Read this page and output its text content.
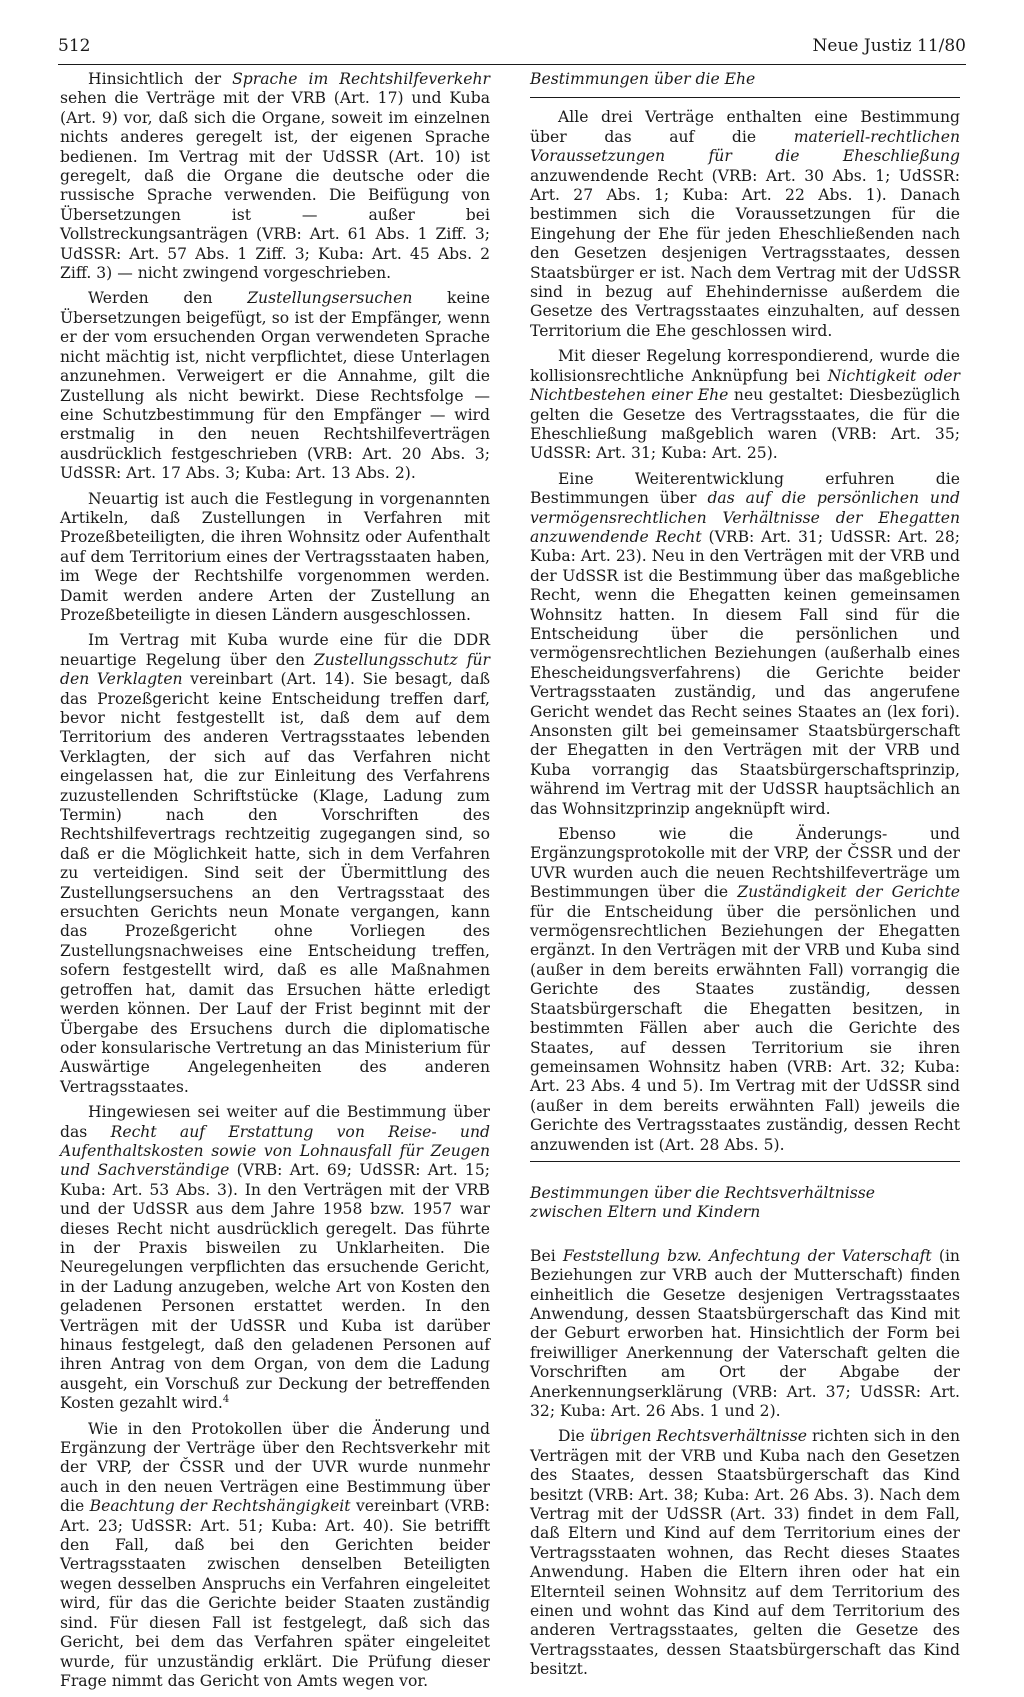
512	Neue Justiz 11/80

Hinsichtlich der Sprache im Rechtshilfeverkehr sehen die Verträge mit der VRB (Art. 17) und Kuba (Art. 9) vor, daß sich die Organe, soweit im einzelnen nichts anderes geregelt ist, der eigenen Sprache bedienen. Im Vertrag mit der UdSSR (Art. 10) ist geregelt, daß die Organe die deutsche oder die russische Sprache verwenden. Die Beifügung von Übersetzungen ist — außer bei Vollstreckungsanträgen (VRB: Art. 61 Abs. 1 Ziff. 3; UdSSR: Art. 57 Abs. 1 Ziff. 3; Kuba: Art. 45 Abs. 2 Ziff. 3) — nicht zwingend vorgeschrieben.

Werden den Zustellungsersuchen keine Übersetzungen beigefügt, so ist der Empfänger, wenn er der vom ersuchenden Organ verwendeten Sprache nicht mächtig ist, nicht verpflichtet, diese Unterlagen anzunehmen. Verweigert er die Annahme, gilt die Zustellung als nicht bewirkt. Diese Rechtsfolge — eine Schutzbestimmung für den Empfänger — wird erstmalig in den neuen Rechtshilfeverträgen ausdrücklich festgeschrieben (VRB: Art. 20 Abs. 3; UdSSR: Art. 17 Abs. 3; Kuba: Art. 13 Abs. 2).

Neuartig ist auch die Festlegung in vorgenannten Artikeln, daß Zustellungen in Verfahren mit Prozeßbeteiligten, die ihren Wohnsitz oder Aufenthalt auf dem Territorium eines der Vertragsstaaten haben, im Wege der Rechtshilfe vorgenommen werden. Damit werden andere Arten der Zustellung an Prozeßbeteiligte in diesen Ländern ausgeschlossen.

Im Vertrag mit Kuba wurde eine für die DDR neuartige Regelung über den Zustellungsschutz für den Verklagten vereinbart (Art. 14). Sie besagt, daß das Prozeßgericht keine Entscheidung treffen darf, bevor nicht festgestellt ist, daß dem auf dem Territorium des anderen Vertragsstaates lebenden Verklagten, der sich auf das Verfahren nicht eingelassen hat, die zur Einleitung des Verfahrens zuzustellenden Schriftstücke (Klage, Ladung zum Termin) nach den Vorschriften des Rechtshilfevertrags rechtzeitig zugegangen sind, so daß er die Möglichkeit hatte, sich in dem Verfahren zu verteidigen. Sind seit der Übermittlung des Zustellungsersuchens an den Vertragsstaat des ersuchten Gerichts neun Monate vergangen, kann das Prozeßgericht ohne Vorliegen des Zustellungsnachweises eine Entscheidung treffen, sofern festgestellt wird, daß es alle Maßnahmen getroffen hat, damit das Ersuchen hätte erledigt werden können. Der Lauf der Frist beginnt mit der Übergabe des Ersuchens durch die diplomatische oder konsularische Vertretung an das Ministerium für Auswärtige Angelegenheiten des anderen Vertragsstaates.

Hingewiesen sei weiter auf die Bestimmung über das Recht auf Erstattung von Reise- und Aufenthaltskosten sowie von Lohnausfall für Zeugen und Sachverständige (VRB: Art. 69; UdSSR: Art. 15; Kuba: Art. 53 Abs. 3). In den Verträgen mit der VRB und der UdSSR aus dem Jahre 1958 bzw. 1957 war dieses Recht nicht ausdrücklich geregelt. Das führte in der Praxis bisweilen zu Unklarheiten. Die Neuregelungen verpflichten das ersuchende Gericht, in der Ladung anzugeben, welche Art von Kosten den geladenen Personen erstattet werden. In den Verträgen mit der UdSSR und Kuba ist darüber hinaus festgelegt, daß den geladenen Personen auf ihren Antrag von dem Organ, von dem die Ladung ausgeht, ein Vorschuß zur Deckung der betreffenden Kosten gezahlt wird.$^4$

Wie in den Protokollen über die Änderung und Ergänzung der Verträge über den Rechtsverkehr mit der VRP, der ČSSR und der UVR wurde nunmehr auch in den neuen Verträgen eine Bestimmung über die Beachtung der Rechtshängigkeit vereinbart (VRB: Art. 23; UdSSR: Art. 51; Kuba: Art. 40). Sie betrifft den Fall, daß bei den Gerichten beider Vertragsstaaten zwischen denselben Beteiligten wegen desselben Anspruchs ein Verfahren eingeleitet wird, für das die Gerichte beider Staaten zuständig sind. Für diesen Fall ist festgelegt, daß sich das Gericht, bei dem das Verfahren später eingeleitet wurde, für unzuständig erklärt. Die Prüfung dieser Frage nimmt das Gericht von Amts wegen vor.

Bestimmungen über die Ehe

Alle drei Verträge enthalten eine Bestimmung über das auf die materiell-rechtlichen Voraussetzungen für die Eheschließung anzuwendende Recht (VRB: Art. 30 Abs. 1; UdSSR: Art. 27 Abs. 1; Kuba: Art. 22 Abs. 1). Danach bestimmen sich die Voraussetzungen für die Eingehung der Ehe für jeden Eheschließenden nach den Gesetzen desjenigen Vertragsstaates, dessen Staatsbürger er ist. Nach dem Vertrag mit der UdSSR sind in bezug auf Ehehindernisse außerdem die Gesetze des Vertragsstaates einzuhalten, auf dessen Territorium die Ehe geschlossen wird.

Mit dieser Regelung korrespondierend, wurde die kollisionsrechtliche Anknüpfung bei Nichtigkeit oder Nichtbestehen einer Ehe neu gestaltet: Diesbezüglich gelten die Gesetze des Vertragsstaates, die für die Eheschließung maßgeblich waren (VRB: Art. 35; UdSSR: Art. 31; Kuba: Art. 25).

Eine Weiterentwicklung erfuhren die Bestimmungen über das auf die persönlichen und vermögensrechtlichen Verhältnisse der Ehegatten anzuwendende Recht (VRB: Art. 31; UdSSR: Art. 28; Kuba: Art. 23). Neu in den Verträgen mit der VRB und der UdSSR ist die Bestimmung über das maßgebliche Recht, wenn die Ehegatten keinen gemeinsamen Wohnsitz hatten. In diesem Fall sind für die Entscheidung über die persönlichen und vermögensrechtlichen Beziehungen (außerhalb eines Ehescheidungsverfahrens) die Gerichte beider Vertragsstaaten zuständig, und das angerufene Gericht wendet das Recht seines Staates an (lex fori). Ansonsten gilt bei gemeinsamer Staatsbürgerschaft der Ehegatten in den Verträgen mit der VRB und Kuba vorrangig das Staatsbürgerschaftsprinzip, während im Vertrag mit der UdSSR hauptsächlich an das Wohnsitzprinzip angeknüpft wird.

Ebenso wie die Änderungs- und Ergänzungsprotokolle mit der VRP, der ČSSR und der UVR wurden auch die neuen Rechtshilfeverträge um Bestimmungen über die Zuständigkeit der Gerichte für die Entscheidung über die persönlichen und vermögensrechtlichen Beziehungen der Ehegatten ergänzt. In den Verträgen mit der VRB und Kuba sind (außer in dem bereits erwähnten Fall) vorrangig die Gerichte des Staates zuständig, dessen Staatsbürgerschaft die Ehegatten besitzen, in bestimmten Fällen aber auch die Gerichte des Staates, auf dessen Territorium sie ihren gemeinsamen Wohnsitz haben (VRB: Art. 32; Kuba: Art. 23 Abs. 4 und 5). Im Vertrag mit der UdSSR sind (außer in dem bereits erwähnten Fall) jeweils die Gerichte des Vertragsstaates zuständig, dessen Recht anzuwenden ist (Art. 28 Abs. 5).

Bestimmungen über die Rechtsverhältnisse
zwischen Eltern und Kindern

Bei Feststellung bzw. Anfechtung der Vaterschaft (in Beziehungen zur VRB auch der Mutterschaft) finden einheitlich die Gesetze desjenigen Vertragsstaates Anwendung, dessen Staatsbürgerschaft das Kind mit der Geburt erworben hat. Hinsichtlich der Form bei freiwilliger Anerkennung der Vaterschaft gelten die Vorschriften am Ort der Abgabe der Anerkennungserklärung (VRB: Art. 37; UdSSR: Art. 32; Kuba: Art. 26 Abs. 1 und 2).

Die übrigen Rechtsverhältnisse richten sich in den Verträgen mit der VRB und Kuba nach den Gesetzen des Staates, dessen Staatsbürgerschaft das Kind besitzt (VRB: Art. 38; Kuba: Art. 26 Abs. 3). Nach dem Vertrag mit der UdSSR (Art. 33) findet in dem Fall, daß Eltern und Kind auf dem Territorium eines der Vertragsstaaten wohnen, das Recht dieses Staates Anwendung. Haben die Eltern ihren oder hat ein Elternteil seinen Wohnsitz auf dem Territorium des einen und wohnt das Kind auf dem Territorium des anderen Vertragsstaates, gelten die Gesetze des Vertragsstaates, dessen Staatsbürgerschaft das Kind besitzt.
